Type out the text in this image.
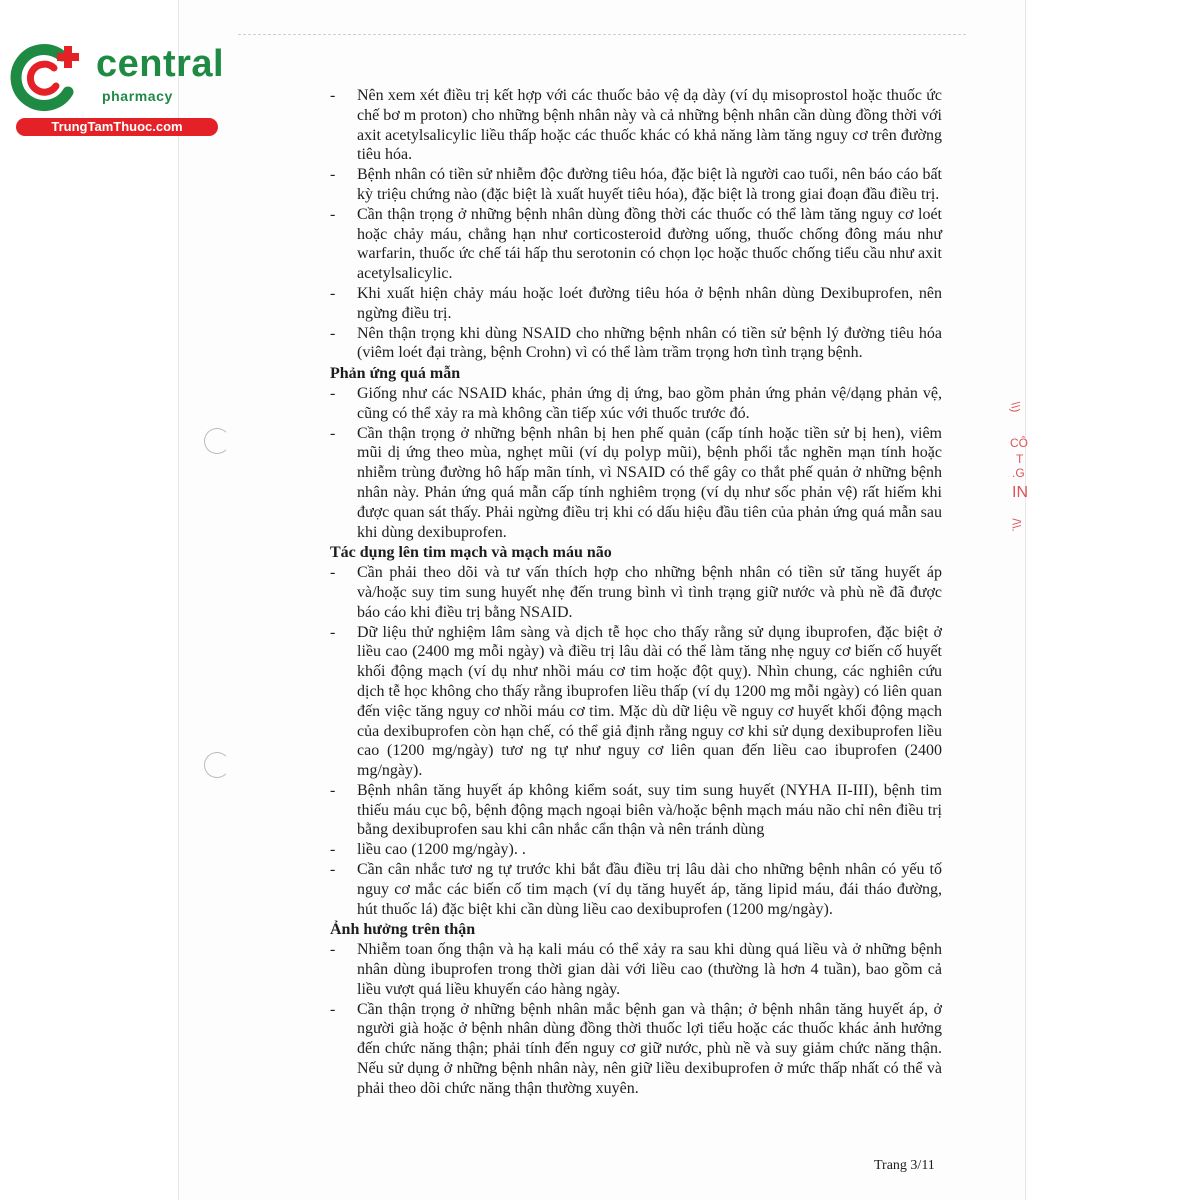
central
pharmacy
TrungTamThuoc.com
\\)
CÔ
T
.G
IN
/\\.
- Nên xem xét điều trị kết hợp với các thuốc bảo vệ dạ dày (ví dụ misoprostol hoặc thuốc ức chế bơ m proton) cho những bệnh nhân này và cả những bệnh nhân cần dùng đồng thời với axit acetylsalicylic liều thấp hoặc các thuốc khác có khả năng làm tăng nguy cơ trên đường tiêu hóa.
- Bệnh nhân có tiền sử nhiễm độc đường tiêu hóa, đặc biệt là người cao tuổi, nên báo cáo bất kỳ triệu chứng nào (đặc biệt là xuất huyết tiêu hóa), đặc biệt là trong giai đoạn đầu điều trị.
- Cần thận trọng ở những bệnh nhân dùng đồng thời các thuốc có thể làm tăng nguy cơ loét hoặc chảy máu, chẳng hạn như corticosteroid đường uống, thuốc chống đông máu như warfarin, thuốc ức chế tái hấp thu serotonin có chọn lọc hoặc thuốc chống tiểu cầu như axit acetylsalicylic.
- Khi xuất hiện chảy máu hoặc loét đường tiêu hóa ở bệnh nhân dùng Dexibuprofen, nên ngừng điều trị.
- Nên thận trọng khi dùng NSAID cho những bệnh nhân có tiền sử bệnh lý đường tiêu hóa (viêm loét đại tràng, bệnh Crohn) vì có thể làm trầm trọng hơn tình trạng bệnh.
Phản ứng quá mẫn
- Giống như các NSAID khác, phản ứng dị ứng, bao gồm phản ứng phản vệ/dạng phản vệ, cũng có thể xảy ra mà không cần tiếp xúc với thuốc trước đó.
- Cần thận trọng ở những bệnh nhân bị hen phế quản (cấp tính hoặc tiền sử bị hen), viêm mũi dị ứng theo mùa, nghẹt mũi (ví dụ polyp mũi), bệnh phổi tắc nghẽn mạn tính hoặc nhiễm trùng đường hô hấp mãn tính, vì NSAID có thể gây co thắt phế quản ở những bệnh nhân này. Phản ứng quá mẫn cấp tính nghiêm trọng (ví dụ như sốc phản vệ) rất hiếm khi được quan sát thấy. Phải ngừng điều trị khi có dấu hiệu đầu tiên của phản ứng quá mẫn sau khi dùng dexibuprofen.
Tác dụng lên tim mạch và mạch máu não
- Cần phải theo dõi và tư vấn thích hợp cho những bệnh nhân có tiền sử tăng huyết áp và/hoặc suy tim sung huyết nhẹ đến trung bình vì tình trạng giữ nước và phù nề đã được báo cáo khi điều trị bằng NSAID.
- Dữ liệu thử nghiệm lâm sàng và dịch tễ học cho thấy rằng sử dụng ibuprofen, đặc biệt ở liều cao (2400 mg mỗi ngày) và điều trị lâu dài có thể làm tăng nhẹ nguy cơ biến cố huyết khối động mạch (ví dụ như nhồi máu cơ tim hoặc đột quỵ). Nhìn chung, các nghiên cứu dịch tễ học không cho thấy rằng ibuprofen liều thấp (ví dụ 1200 mg mỗi ngày) có liên quan đến việc tăng nguy cơ nhồi máu cơ tim. Mặc dù dữ liệu về nguy cơ huyết khối động mạch của dexibuprofen còn hạn chế, có thể giả định rằng nguy cơ khi sử dụng dexibuprofen liều cao (1200 mg/ngày) tươ ng tự như nguy cơ liên quan đến liều cao ibuprofen (2400 mg/ngày).
- Bệnh nhân tăng huyết áp không kiểm soát, suy tim sung huyết (NYHA II-III), bệnh tim thiếu máu cục bộ, bệnh động mạch ngoại biên và/hoặc bệnh mạch máu não chỉ nên điều trị bằng dexibuprofen sau khi cân nhắc cẩn thận và nên tránh dùng
- liều cao (1200 mg/ngày). .
- Cần cân nhắc tươ ng tự trước khi bắt đầu điều trị lâu dài cho những bệnh nhân có yếu tố nguy cơ mắc các biến cố tim mạch (ví dụ tăng huyết áp, tăng lipid máu, đái tháo đường, hút thuốc lá) đặc biệt khi cần dùng liều cao dexibuprofen (1200 mg/ngày).
Ảnh hưởng trên thận
- Nhiễm toan ống thận và hạ kali máu có thể xảy ra sau khi dùng quá liều và ở những bệnh nhân dùng ibuprofen trong thời gian dài với liều cao (thường là hơn 4 tuần), bao gồm cả liều vượt quá liều khuyến cáo hàng ngày.
- Cần thận trọng ở những bệnh nhân mắc bệnh gan và thận; ở bệnh nhân tăng huyết áp, ở người già hoặc ở bệnh nhân dùng đồng thời thuốc lợi tiểu hoặc các thuốc khác ảnh hưởng đến chức năng thận; phải tính đến nguy cơ giữ nước, phù nề và suy giảm chức năng thận. Nếu sử dụng ở những bệnh nhân này, nên giữ liều dexibuprofen ở mức thấp nhất có thể và phải theo dõi chức năng thận thường xuyên.
Trang 3/11
